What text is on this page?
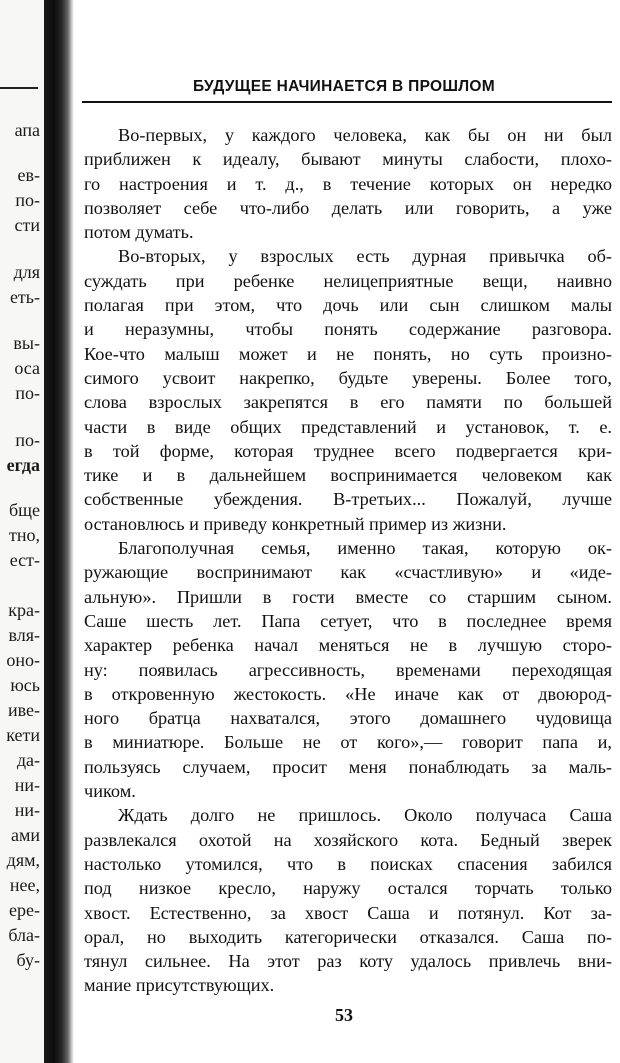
апа
ев-
по-
сти
для
еть-
вы-
оса
по-
по-
егда
бще
тно,
ест-
кра-
вля-
оно-
юсь
иве-
кети
да-
ни-
ни-
ами
дям,
нее,
ере-
бла-
бу-
БУДУЩЕЕ НАЧИНАЕТСЯ В ПРОШЛОМ
Во-первых, у каждого человека, как бы он ни был
приближен к идеалу, бывают минуты слабости, плохо-
го настроения и т. д., в течение которых он нередко
позволяет себе что-либо делать или говорить, а уже
потом думать.
Во-вторых, у взрослых есть дурная привычка об-
суждать при ребенке нелицеприятные вещи, наивно
полагая при этом, что дочь или сын слишком малы
и неразумны, чтобы понять содержание разговора.
Кое-что малыш может и не понять, но суть произно-
симого усвоит накрепко, будьте уверены. Более того,
слова взрослых закрепятся в его памяти по большей
части в виде общих представлений и установок, т. е.
в той форме, которая труднее всего подвергается кри-
тике и в дальнейшем воспринимается человеком как
собственные убеждения. В-третьих... Пожалуй, лучше
остановлюсь и приведу конкретный пример из жизни.
Благополучная семья, именно такая, которую ок-
ружающие воспринимают как «счастливую» и «иде-
альную». Пришли в гости вместе со старшим сыном.
Саше шесть лет. Папа сетует, что в последнее время
характер ребенка начал меняться не в лучшую сторо-
ну: появилась агрессивность, временами переходящая
в откровенную жестокость. «Не иначе как от двоюрод-
ного братца нахватался, этого домашнего чудовища
в миниатюре. Больше не от кого»,— говорит папа и,
пользуясь случаем, просит меня понаблюдать за маль-
чиком.
Ждать долго не пришлось. Около получаса Саша
развлекался охотой на хозяйского кота. Бедный зверек
настолько утомился, что в поисках спасения забился
под низкое кресло, наружу остался торчать только
хвост. Естественно, за хвост Саша и потянул. Кот за-
орал, но выходить категорически отказался. Саша по-
тянул сильнее. На этот раз коту удалось привлечь вни-
мание присутствующих.
53
